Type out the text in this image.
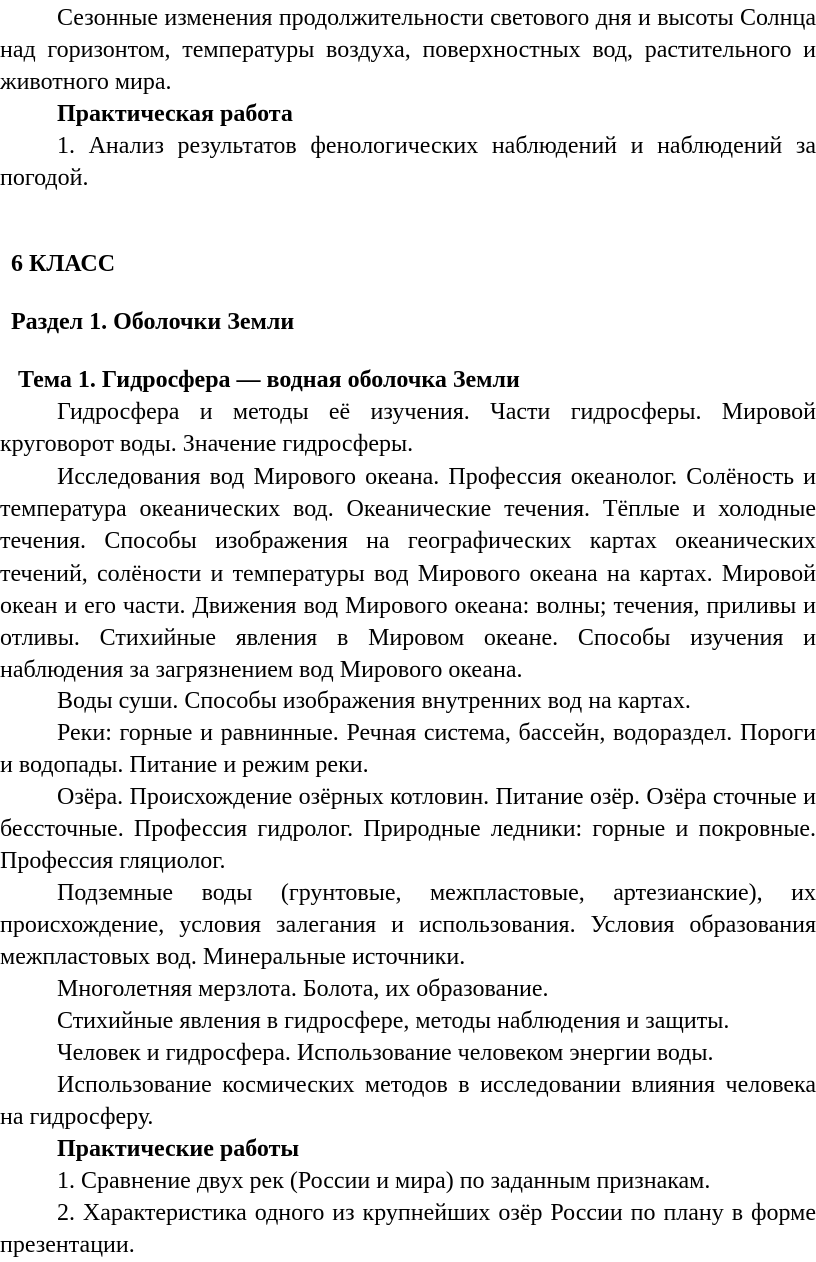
Сезонные изменения продолжительности светового дня и высоты Солнца над горизонтом, температуры воздуха, поверхностных вод, растительного и животного мира.

Практическая работа

1. Анализ результатов фенологических наблюдений и наблюдений за погодой.

6 КЛАСС

Раздел 1. Оболочки Земли

Тема 1. Гидросфера — водная оболочка Земли

Гидросфера и методы её изучения. Части гидросферы. Мировой круговорот воды. Значение гидросферы.

Исследования вод Мирового океана. Профессия океанолог. Солёность и температура океанических вод. Океанические течения. Тёплые и холодные течения. Способы изображения на географических картах океанических течений, солёности и температуры вод Мирового океана на картах. Мировой океан и его части. Движения вод Мирового океана: волны; течения, приливы и отливы. Стихийные явления в Мировом океане. Способы изучения и наблюдения за загрязнением вод Мирового океана.

Воды суши. Способы изображения внутренних вод на картах.

Реки: горные и равнинные. Речная система, бассейн, водораздел. Пороги и водопады. Питание и режим реки.

Озёра. Происхождение озёрных котловин. Питание озёр. Озёра сточные и бессточные. Профессия гидролог. Природные ледники: горные и покровные. Профессия гляциолог.

Подземные воды (грунтовые, межпластовые, артезианские), их происхождение, условия залегания и использования. Условия образования межпластовых вод. Минеральные источники.

Многолетняя мерзлота. Болота, их образование.

Стихийные явления в гидросфере, методы наблюдения и защиты.

Человек и гидросфера. Использование человеком энергии воды.

Использование космических методов в исследовании влияния человека на гидросферу.

Практические работы

1. Сравнение двух рек (России и мира) по заданным признакам.

2. Характеристика одного из крупнейших озёр России по плану в форме презентации.
